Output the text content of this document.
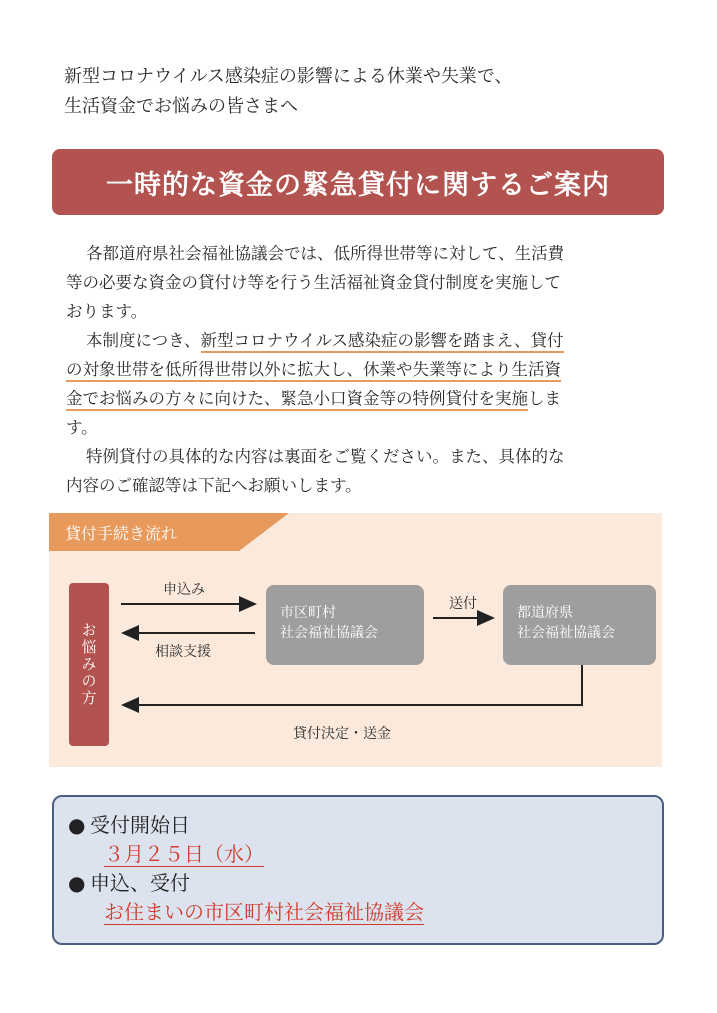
新型コロナウイルス感染症の影響による休業や失業で、
生活資金でお悩みの皆さまへ
一時的な資金の緊急貸付に関するご案内
各都道府県社会福祉協議会では、低所得世帯等に対して、生活費
等の必要な資金の貸付け等を行う生活福祉資金貸付制度を実施して
おります。
本制度につき、新型コロナウイルス感染症の影響を踏まえ、貸付
の対象世帯を低所得世帯以外に拡大し、休業や失業等により生活資
金でお悩みの方々に向けた、緊急小口資金等の特例貸付を実施しま
す。
特例貸付の具体的な内容は裏面をご覧ください。また、具体的な
内容のご確認等は下記へお願いします。
貸付手続き流れ
お悩みの方
申込み
相談支援
送付
貸付決定・送金
市区町村
社会福祉協議会
都道府県
社会福祉協議会
● 受付開始日
３月２５日（水）
● 申込、受付
お住まいの市区町村社会福祉協議会
